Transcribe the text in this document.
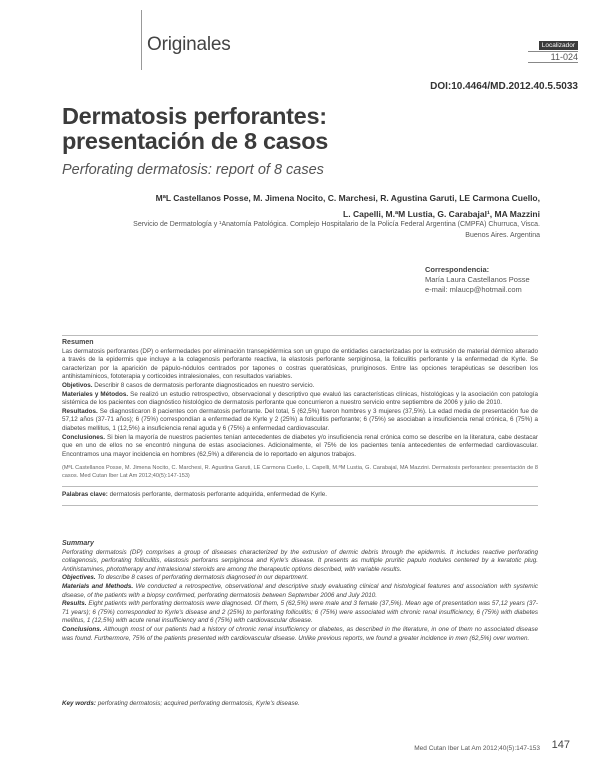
Originales	Localizador
11-024
DOI:10.4464/MD.2012.40.5.5033
Dermatosis perforantes:
presentación de 8 casos
Perforating dermatosis: report of 8 cases
MªL Castellanos Posse, M. Jimena Nocito, C. Marchesi, R. Agustina Garuti, LE Carmona Cuello,
L. Capelli, M.ªM Lustia, G. Carabajal¹, MA Mazzini
Servicio de Dermatología y ¹Anatomía Patológica. Complejo Hospitalario de la Policía Federal Argentina (CMPFA) Churruca, Visca.
Buenos Aires. Argentina
Correspondencia:
María Laura Castellanos Posse
e-mail: mlaucp@hotmail.com

Resumen

Las dermatosis perforantes (DP) o enfermedades por eliminación transepidérmica son un grupo de entidades caracterizadas por la extrusión de material dérmico alterado a través de la epidermis que incluye a la colagenosis perforante reactiva, la elastosis perforante serpiginosa, la foliculitis perforante y la enfermedad de Kyrle. Se caracterizan por la aparición de pápulo-nódulos centrados por tapones o costras queratósicas, pruriginosos. Entre las opciones terapéuticas se describen los antihistamínicos, fototerapia y corticoides intralesionales, con resultados variables.

Objetivos. Describir 8 casos de dermatosis perforante diagnosticados en nuestro servicio.

Materiales y Métodos. Se realizó un estudio retrospectivo, observacional y descriptivo que evaluó las características clínicas, histológicas y la asociación con patología sistémica de los pacientes con diagnóstico histológico de dermatosis perforante que concurrieron a nuestro servicio entre septiembre de 2006 y julio de 2010.

Resultados. Se diagnosticaron 8 pacientes con dermatosis perforante. Del total, 5 (62,5%) fueron hombres y 3 mujeres (37,5%). La edad media de presentación fue de 57,12 años (37-71 años); 6 (75%) correspondían a enfermedad de Kyrle y 2 (25%) a foliculitis perforante; 6 (75%) se asociaban a insuficiencia renal crónica, 6 (75%) a diabetes mellitus, 1 (12,5%) a insuficiencia renal aguda y 6 (75%) a enfermedad cardiovascular.

Conclusiones. Si bien la mayoría de nuestros pacientes tenían antecedentes de diabetes y/o insuficiencia renal crónica como se describe en la literatura, cabe destacar que en uno de ellos no se encontró ninguna de estas asociaciones. Adicionalmente, el 75% de los pacientes tenía antecedentes de enfermedad cardiovascular. Encontramos una mayor incidencia en hombres (62,5%) a diferencia de lo reportado en algunos trabajos.

(MªL Castellanos Posse, M. Jimena Nocito, C. Marchesi, R. Agustina Garuti, LE Carmona Cuello, L. Capelli, M.ªM Lustia, G. Carabajal, MA Mazzini. Dermatosis perforantes: presentación de 8 casos. Med Cutan Iber Lat Am 2012;40(5):147-153)

Palabras clave: dermatosis perforante, dermatosis perforante adquirida, enfermedad de Kyrle.

Summary

Perforating dermatosis (DP) comprises a group of diseases characterized by the extrusion of dermic debris through the epidermis. It includes reactive perforating collagenosis, perforating folliculitis, elastosis perforans serpiginosa and Kyrle's disease. It presents as multiple pruritic papulo nodules centered by a keratotic plug. Antihistamines, phototherapy and intralesional steroids are among the therapeutic options described, with variable results.

Objectives. To describe 8 cases of perforating dermatosis diagnosed in our department.

Materials and Methods. We conducted a retrospective, observational and descriptive study evaluating clinical and histological features and association with systemic disease, of the patients with a biopsy confirmed, perforating dermatosis between September 2006 and July 2010.

Results. Eight patients with perforating dermatosis were diagnosed. Of them, 5 (62,5%) were male and 3 female (37,5%). Mean age of presentation was 57,12 years (37-71 years); 6 (75%) corresponded to Kyrle's disease and 2 (25%) to perforating folliculitis; 6 (75%) were associated with chronic renal insufficiency, 6 (75%) with diabetes mellitus, 1 (12,5%) with acute renal insufficiency and 6 (75%) with cardiovascular disease.

Conclusions. Although most of our patients had a history of chronic renal insufficiency or diabetes, as described in the literature, in one of them no associated disease was found. Furthermore, 75% of the patients presented with cardiovascular disease. Unlike previous reports, we found a greater incidence in men (62,5%) over women.

Key words: perforating dermatosis; acquired perforating dermatosis, Kyrle's disease.

Med Cutan Iber Lat Am 2012;40(5):147-153 147
